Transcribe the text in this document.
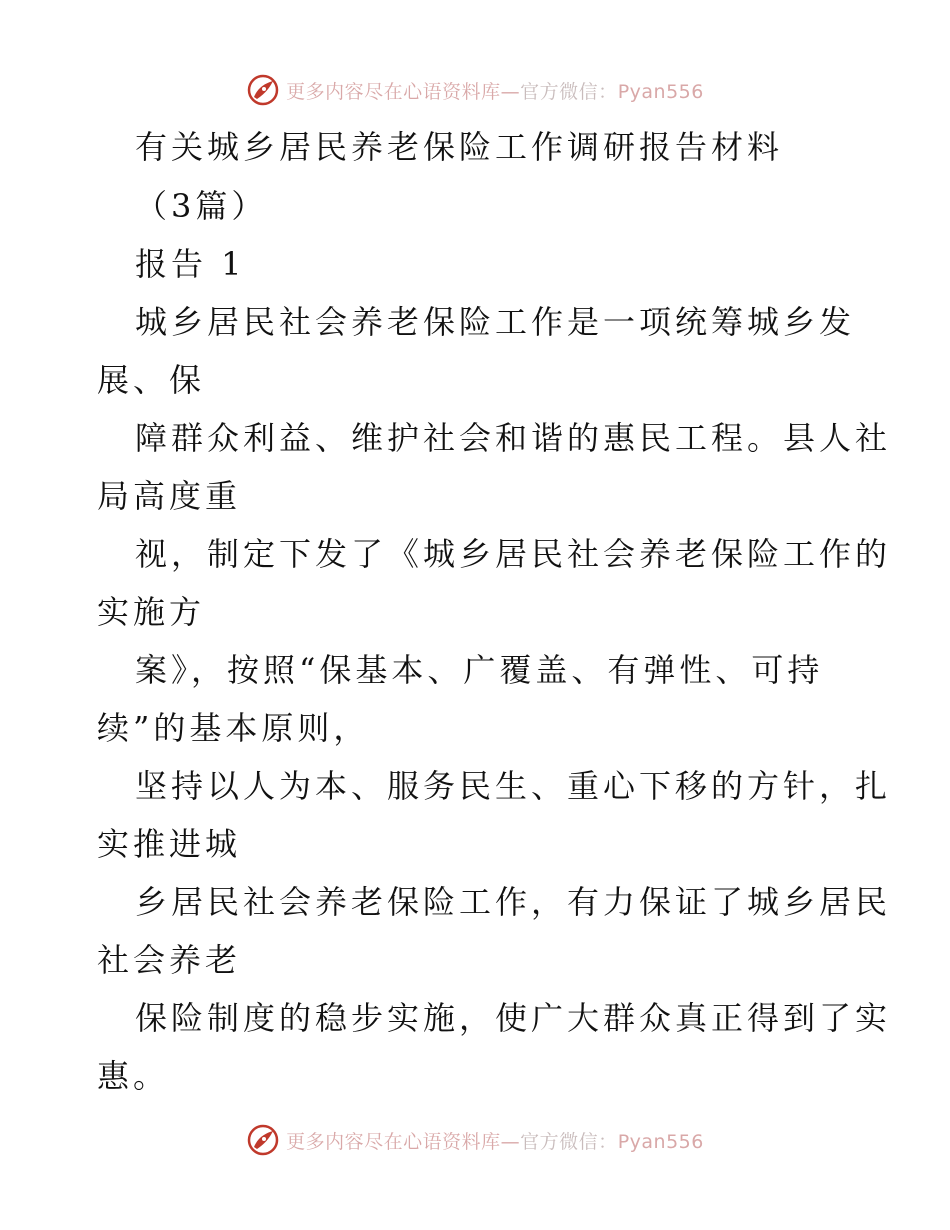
更多内容尽在心语资料库—官方微信：Pyan556
有关城乡居民养老保险工作调研报告材料
（3篇）
报告 1
城乡居民社会养老保险工作是一项统筹城乡发
展、保
障群众利益、维护社会和谐的惠民工程。县人社
局高度重
视，制定下发了《城乡居民社会养老保险工作的
实施方
案》，按照“保基本、广覆盖、有弹性、可持
续”的基本原则，
坚持以人为本、服务民生、重心下移的方针，扎
实推进城
乡居民社会养老保险工作，有力保证了城乡居民
社会养老
保险制度的稳步实施，使广大群众真正得到了实
惠。
更多内容尽在心语资料库—官方微信：Pyan556
